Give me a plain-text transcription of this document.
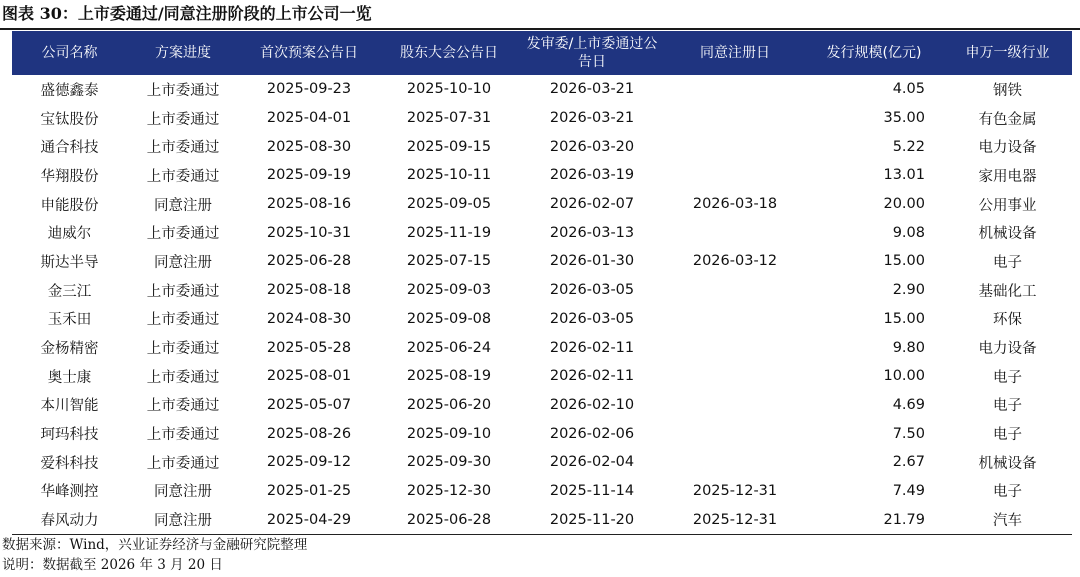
图表 30：上市委通过/同意注册阶段的上市公司一览
公司名称	方案进度	首次预案公告日	股东大会公告日	发审委/上市委通过公告日	同意注册日	发行规模(亿元)	申万一级行业
盛德鑫泰	上市委通过	2025-09-23	2025-10-10	2026-03-21		4.05	钢铁
宝钛股份	上市委通过	2025-04-01	2025-07-31	2026-03-21		35.00	有色金属
通合科技	上市委通过	2025-08-30	2025-09-15	2026-03-20		5.22	电力设备
华翔股份	上市委通过	2025-09-19	2025-10-11	2026-03-19		13.01	家用电器
申能股份	同意注册	2025-08-16	2025-09-05	2026-02-07	2026-03-18	20.00	公用事业
迪威尔	上市委通过	2025-10-31	2025-11-19	2026-03-13		9.08	机械设备
斯达半导	同意注册	2025-06-28	2025-07-15	2026-01-30	2026-03-12	15.00	电子
金三江	上市委通过	2025-08-18	2025-09-03	2026-03-05		2.90	基础化工
玉禾田	上市委通过	2024-08-30	2025-09-08	2026-03-05		15.00	环保
金杨精密	上市委通过	2025-05-28	2025-06-24	2026-02-11		9.80	电力设备
奥士康	上市委通过	2025-08-01	2025-08-19	2026-02-11		10.00	电子
本川智能	上市委通过	2025-05-07	2025-06-20	2026-02-10		4.69	电子
珂玛科技	上市委通过	2025-08-26	2025-09-10	2026-02-06		7.50	电子
爱科科技	上市委通过	2025-09-12	2025-09-30	2026-02-04		2.67	机械设备
华峰测控	同意注册	2025-01-25	2025-12-30	2025-11-14	2025-12-31	7.49	电子
春风动力	同意注册	2025-04-29	2025-06-28	2025-11-20	2025-12-31	21.79	汽车
数据来源：Wind，兴业证券经济与金融研究院整理
说明：数据截至 2026 年 3 月 20 日
